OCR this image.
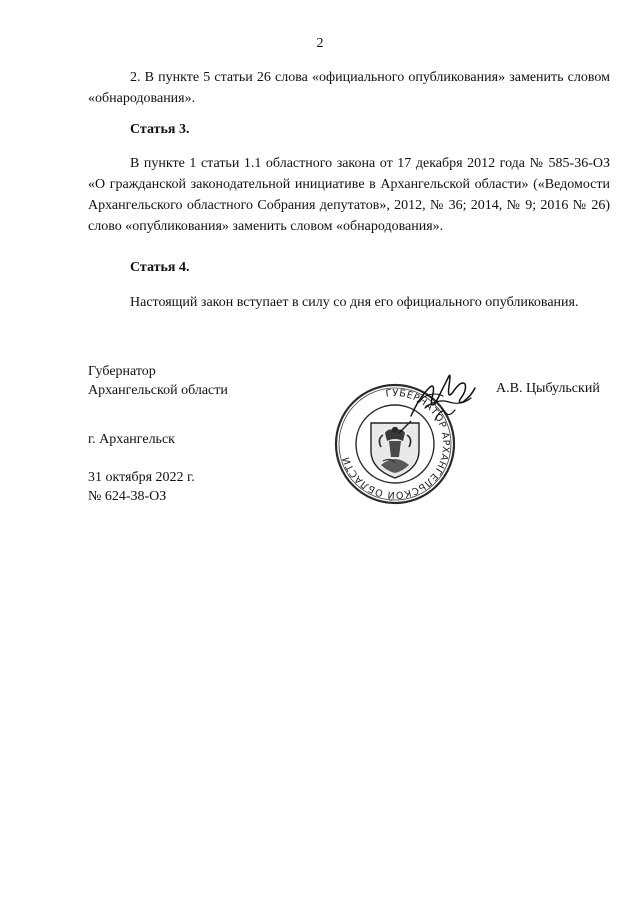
2

2. В пункте 5 статьи 26 слова «официального опубликования» заменить словом «обнародования».

Статья 3.

В пункте 1 статьи 1.1 областного закона от 17 декабря 2012 года № 585-36-ОЗ «О гражданской законодательной инициативе в Архангельской области» («Ведомости Архангельского областного Собрания депутатов», 2012, № 36; 2014, № 9; 2016 № 26) слово «опубликования» заменить словом «обнародования».

Статья 4.

Настоящий закон вступает в силу со дня его официального опубликования.

Губернатор
Архангельской области	ГУБЕРНАТОР АРХАНГЕЛЬСКОЙ ОБЛАСТИ
А.В. Цыбульский
г. Архангельск
31 октября 2022 г.
№ 624-38-ОЗ
